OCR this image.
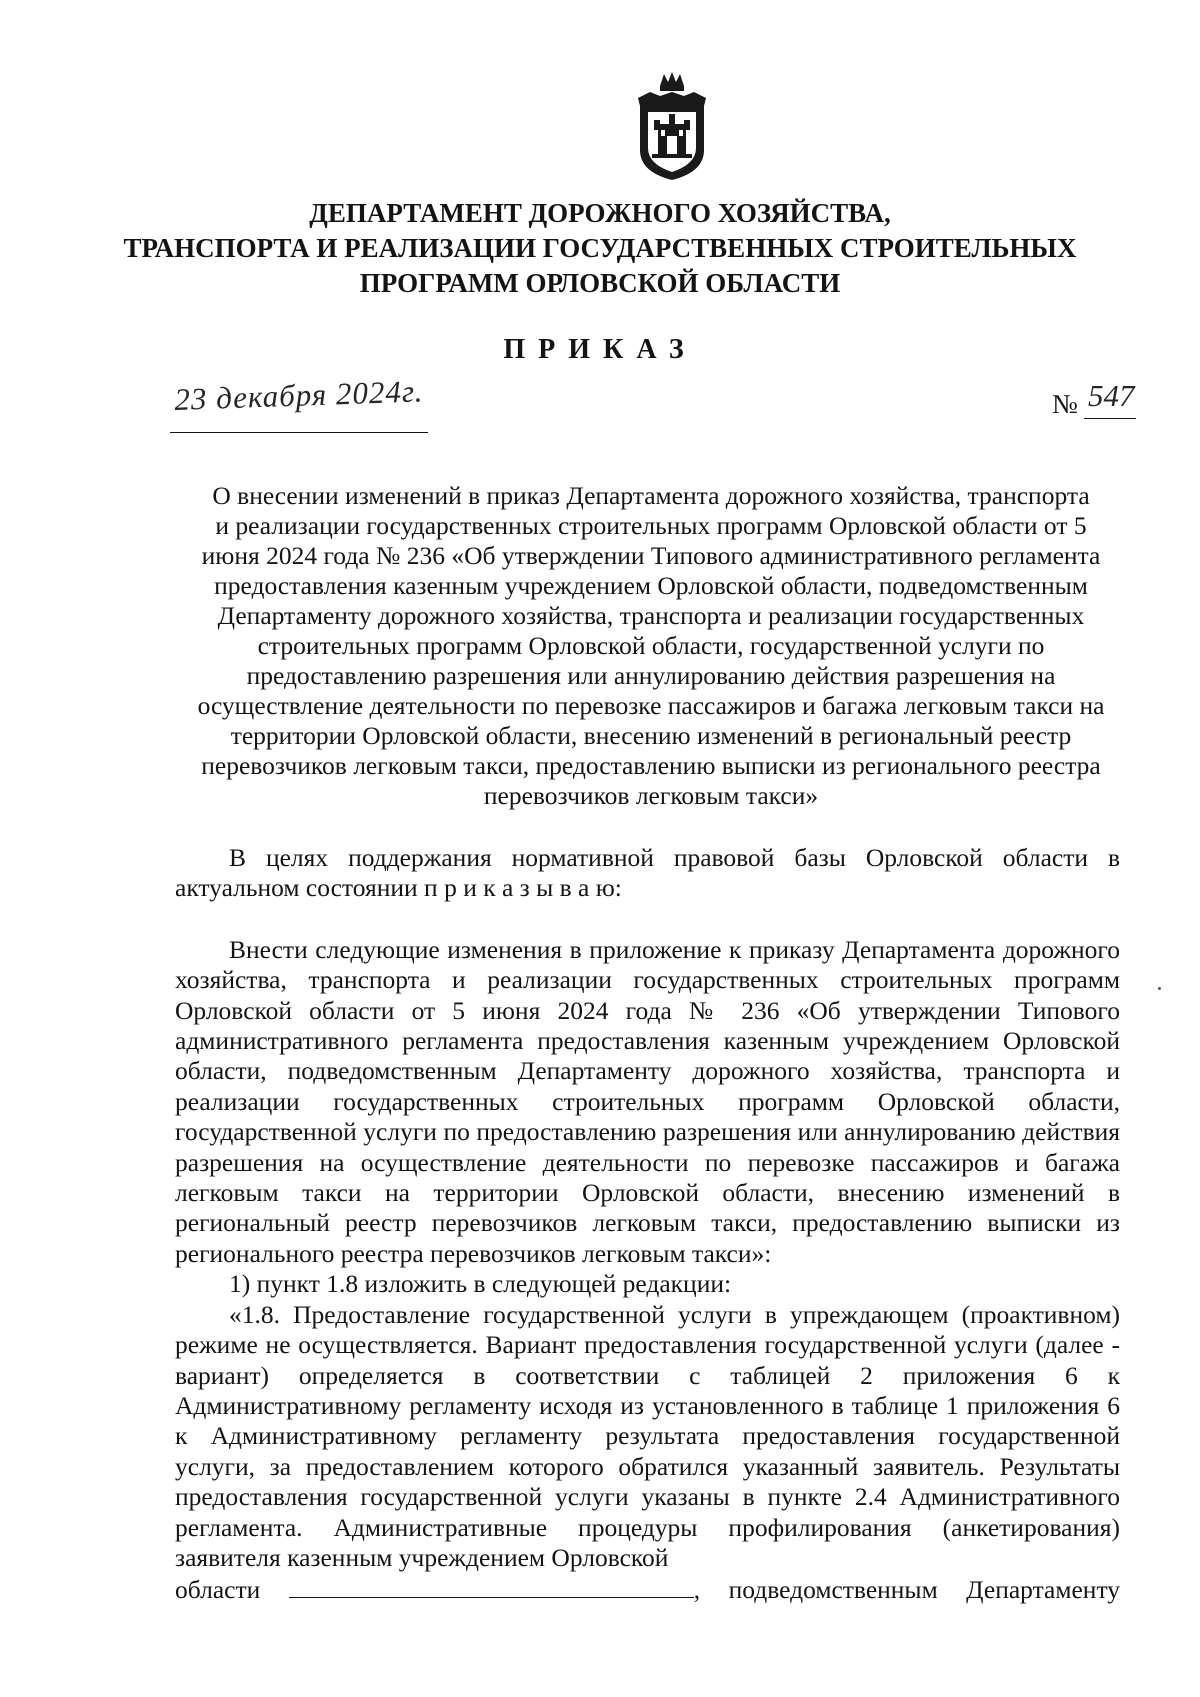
ДЕПАРТАМЕНТ ДОРОЖНОГО ХОЗЯЙСТВА,
ТРАНСПОРТА И РЕАЛИЗАЦИИ ГОСУДАРСТВЕННЫХ СТРОИТЕЛЬНЫХ
ПРОГРАММ ОРЛОВСКОЙ ОБЛАСТИ
ПРИКАЗ
23 декабря 2024г.	№ 547
О внесении изменений в приказ Департамента дорожного хозяйства, транспорта
и реализации государственных строительных программ Орловской области от 5
июня 2024 года № 236 «Об утверждении Типового административного регламента
предоставления казенным учреждением Орловской области, подведомственным
Департаменту дорожного хозяйства, транспорта и реализации государственных
строительных программ Орловской области, государственной услуги по
предоставлению разрешения или аннулированию действия разрешения на
осуществление деятельности по перевозке пассажиров и багажа легковым такси на
территории Орловской области, внесению изменений в региональный реестр
перевозчиков легковым такси, предоставлению выписки из регионального реестра
перевозчиков легковым такси»

В целях поддержания нормативной правовой базы Орловской области в актуальном состоянии п р и к а з ы в а ю:

Внести следующие изменения в приложение к приказу Департамента дорожного хозяйства, транспорта и реализации государственных строительных программ Орловской области от 5 июня 2024 года № 236 «Об утверждении Типового административного регламента предоставления казенным учреждением Орловской области, подведомственным Департаменту дорожного хозяйства, транспорта и реализации государственных строительных программ Орловской области, государственной услуги по предоставлению разрешения или аннулированию действия разрешения на осуществление деятельности по перевозке пассажиров и багажа легковым такси на территории Орловской области, внесению изменений в региональный реестр перевозчиков легковым такси, предоставлению выписки из регионального реестра перевозчиков легковым такси»:

1) пункт 1.8 изложить в следующей редакции:

«1.8. Предоставление государственной услуги в упреждающем (проактивном) режиме не осуществляется. Вариант предоставления государственной услуги (далее - вариант) определяется в соответствии с таблицей 2 приложения 6 к Административному регламенту исходя из установленного в таблице 1 приложения 6 к Административному регламенту результата предоставления государственной услуги, за предоставлением которого обратился указанный заявитель. Результаты предоставления государственной услуги указаны в пункте 2.4 Административного регламента. Административные процедуры профилирования (анкетирования) заявителя казенным учреждением Орловской

области	, подведомственным Департаменту
